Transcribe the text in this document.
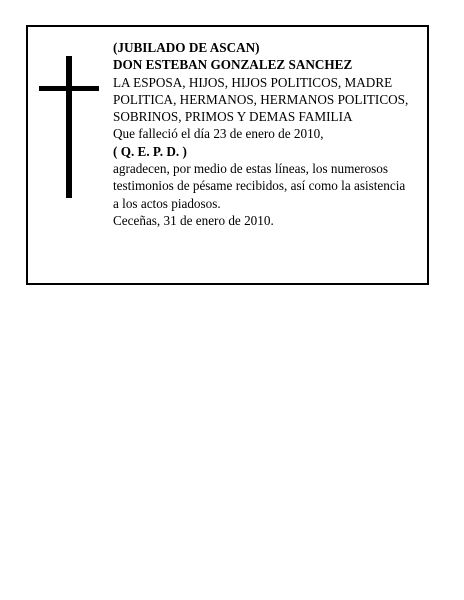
(JUBILADO DE ASCAN)
DON ESTEBAN GONZALEZ SANCHEZ
LA ESPOSA, HIJOS, HIJOS POLITICOS, MADRE
POLITICA, HERMANOS, HERMANOS POLITICOS,
SOBRINOS, PRIMOS Y DEMAS FAMILIA
Que falleció el día 23 de enero de 2010,
( Q. E. P. D. )
agradecen, por medio de estas líneas, los numerosos
testimonios de pésame recibidos, así como la asistencia
a los actos piadosos.
Ceceñas, 31 de enero de 2010.
